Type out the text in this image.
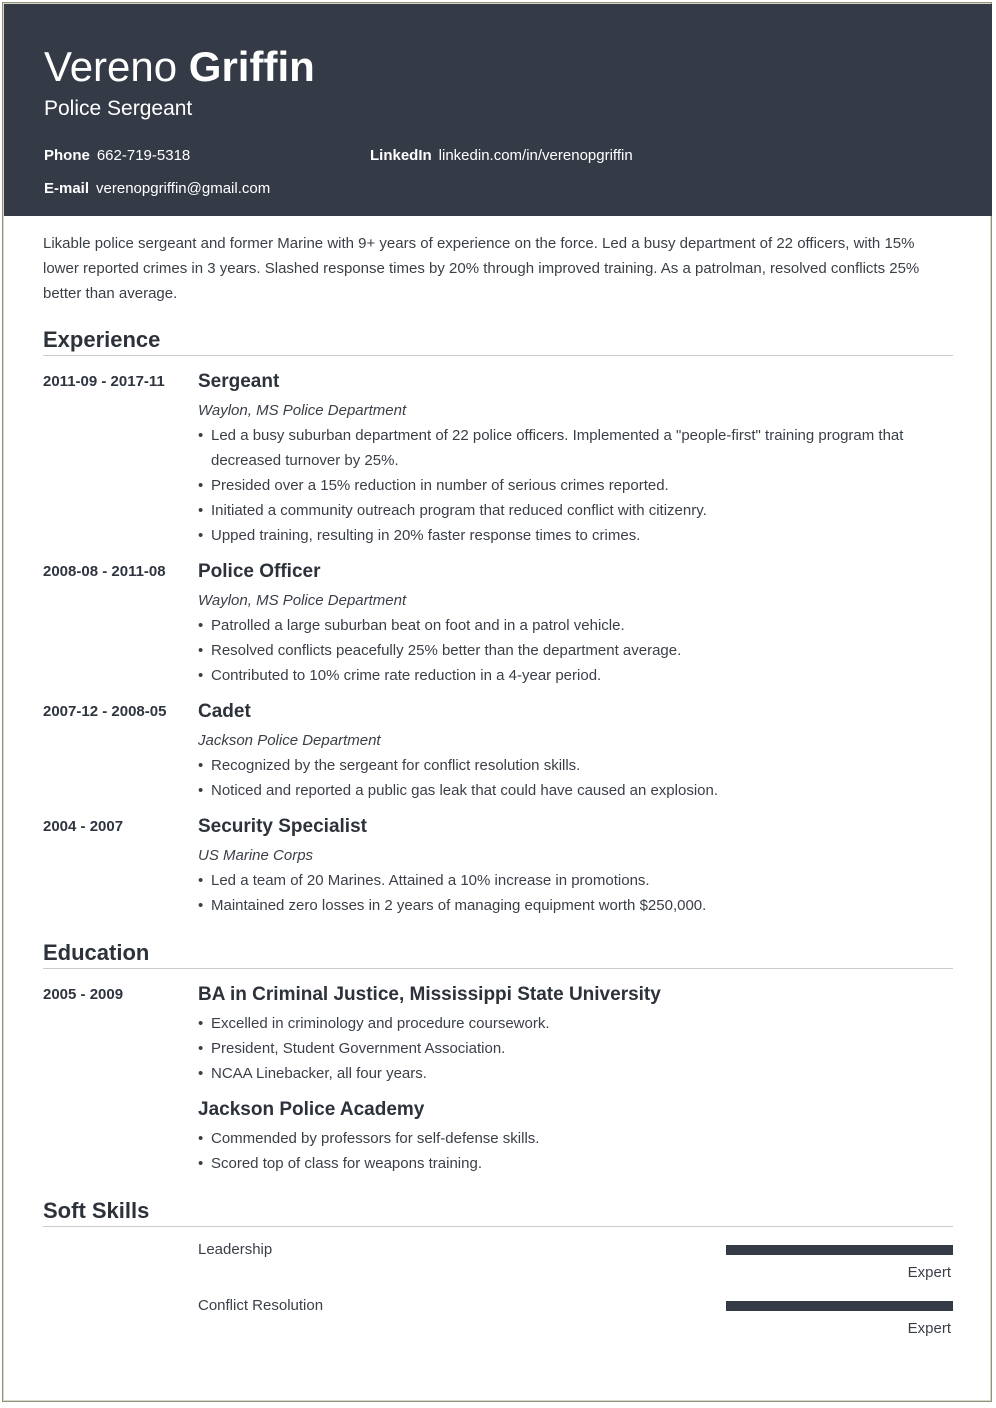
Vereno Griffin
Police Sergeant
Phone 662-719-5318	LinkedIn linkedin.com/in/verenopgriffin
E-mail verenopgriffin@gmail.com
Likable police sergeant and former Marine with 9+ years of experience on the force. Led a busy department of 22 officers, with 15% lower reported crimes in 3 years. Slashed response times by 20% through improved training. As a patrolman, resolved conflicts 25% better than average.
Experience
2011-09 - 2017-11 Sergeant
Waylon, MS Police Department
• Led a busy suburban department of 22 police officers. Implemented a "people-first" training program that decreased turnover by 25%.
• Presided over a 15% reduction in number of serious crimes reported.
• Initiated a community outreach program that reduced conflict with citizenry.
• Upped training, resulting in 20% faster response times to crimes.
2008-08 - 2011-08 Police Officer
Waylon, MS Police Department
• Patrolled a large suburban beat on foot and in a patrol vehicle.
• Resolved conflicts peacefully 25% better than the department average.
• Contributed to 10% crime rate reduction in a 4-year period.
2007-12 - 2008-05 Cadet
Jackson Police Department
• Recognized by the sergeant for conflict resolution skills.
• Noticed and reported a public gas leak that could have caused an explosion.
2004 - 2007	Security Specialist
US Marine Corps
• Led a team of 20 Marines. Attained a 10% increase in promotions.
• Maintained zero losses in 2 years of managing equipment worth $250,000.
Education
2005 - 2009	BA in Criminal Justice, Mississippi State University
• Excelled in criminology and procedure coursework.
• President, Student Government Association.
• NCAA Linebacker, all four years.
Jackson Police Academy
• Commended by professors for self-defense skills.
• Scored top of class for weapons training.
Soft Skills
Leadership
Expert
Conflict Resolution
Expert
